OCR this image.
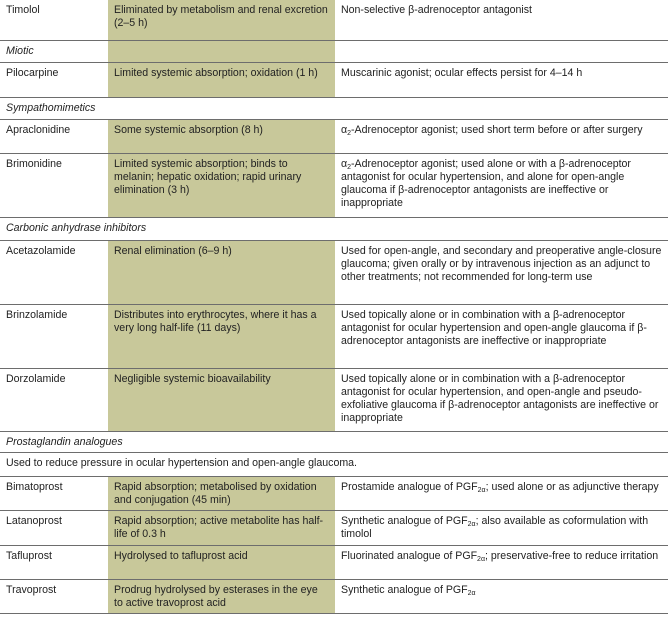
Timolol	Eliminated by metabolism and renal excretion (2–5 h)	Non-selective β-adrenoceptor antagonist

Miotic		

Pilocarpine	Limited systemic absorption; oxidation (1 h)	Muscarinic agonist; ocular effects persist for 4–14 h

Sympathomimetics		

Apraclonidine	Some systemic absorption (8 h)	$\alpha_2$-Adrenoceptor agonist; used short term before or after surgery

Brimonidine	Limited systemic absorption; binds to melanin; hepatic oxidation; rapid urinary elimination (3 h)	$\alpha_2$-Adrenoceptor agonist; used alone or with a β-adrenoceptor antagonist for ocular hypertension, and alone for open-angle glaucoma if β-adrenoceptor antagonists are ineffective or inappropriate

Carbonic anhydrase inhibitors		

Acetazolamide	Renal elimination (6–9 h)	Used for open-angle, and secondary and preoperative angle-closure glaucoma; given orally or by intravenous injection as an adjunct to other treatments; not recommended for long-term use

Brinzolamide	Distributes into erythrocytes, where it has a very long half-life (11 days)	Used topically alone or in combination with a β-adrenoceptor antagonist for ocular hypertension and open-angle glaucoma if β-adrenoceptor antagonists are ineffective or inappropriate

Dorzolamide	Negligible systemic bioavailability	Used topically alone or in combination with a β-adrenoceptor antagonist for ocular hypertension, and open-angle and pseudo-exfoliative glaucoma if β-adrenoceptor antagonists are ineffective or inappropriate

Prostaglandin analogues		

Used to reduce pressure in ocular hypertension and open-angle glaucoma.		

Bimatoprost	Rapid absorption; metabolised by oxidation and conjugation (45 min)	Prostamide analogue of $PGF_{2\alpha}$; used alone or as adjunctive therapy

Latanoprost	Rapid absorption; active metabolite has half-life of 0.3 h	Synthetic analogue of $PGF_{2\alpha}$; also available as coformulation with timolol

Tafluprost	Hydrolysed to tafluprost acid	Fluorinated analogue of $PGF_{2\alpha}$; preservative-free to reduce irritation

Travoprost	Prodrug hydrolysed by esterases in the eye to active travoprost acid	Synthetic analogue of $PGF_{2\alpha}$
